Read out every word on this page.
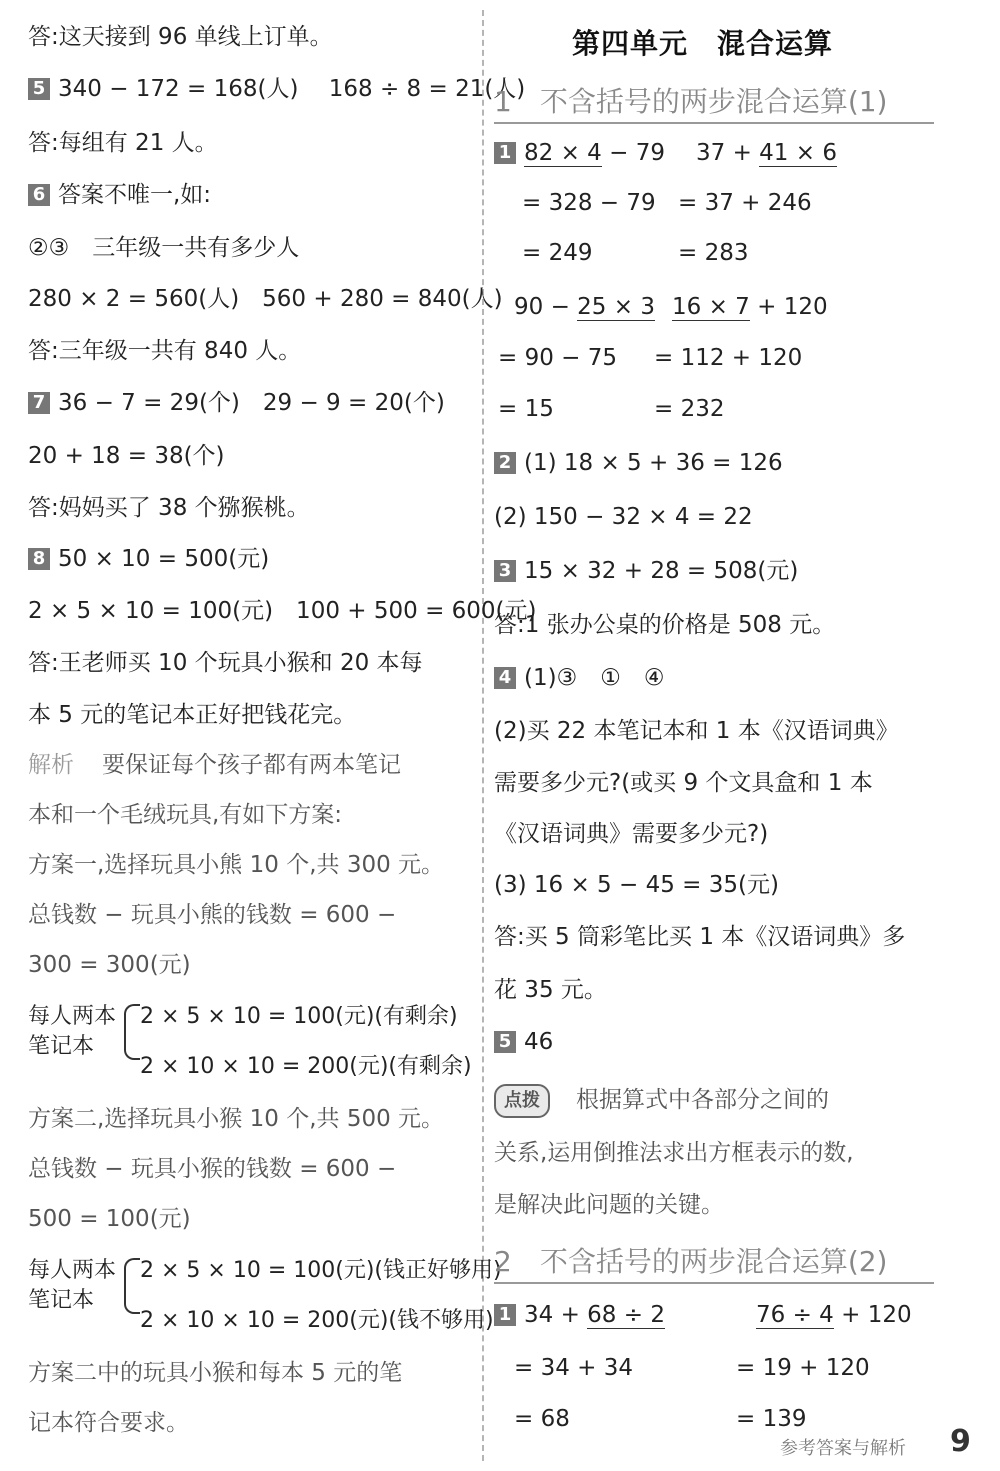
答:这天接到 96 单线上订单。
5 340 − 172 = 168(人)　 168 ÷ 8 = 21(人)
答:每组有 21 人。
6 答案不唯一,如:
②③　三年级一共有多少人
280 × 2 = 560(人)　560 + 280 = 840(人)
答:三年级一共有 840 人。
7 36 − 7 = 29(个)　29 − 9 = 20(个)
20 + 18 = 38(个)
答:妈妈买了 38 个猕猴桃。
8 50 × 10 = 500(元)
2 × 5 × 10 = 100(元)　100 + 500 = 600(元)
答:王老师买 10 个玩具小猴和 20 本每
本 5 元的笔记本正好把钱花完。
解析 要保证每个孩子都有两本笔记
本和一个毛绒玩具,有如下方案:
方案一,选择玩具小熊 10 个,共 300 元。
总钱数 − 玩具小熊的钱数 = 600 −
300 = 300(元)
每人两本笔记本
2 × 5 × 10 = 100(元)(有剩余)
2 × 10 × 10 = 200(元)(有剩余)
方案二,选择玩具小猴 10 个,共 500 元。
总钱数 − 玩具小猴的钱数 = 600 −
500 = 100(元)
每人两本笔记本
2 × 5 × 10 = 100(元)(钱正好够用)
2 × 10 × 10 = 200(元)(钱不够用)
方案二中的玩具小猴和每本 5 元的笔
记本符合要求。
第四单元　混合运算
1　不含括号的两步混合运算(1)
1 82 × 4 − 79 37 + 41 × 6
= 328 − 79 = 37 + 246
= 249	= 283
90 − 25 × 3 16 × 7 + 120
= 90 − 75 = 112 + 120
= 15	= 232
2 (1) 18 × 5 + 36 = 126
(2) 150 − 32 × 4 = 22
3 15 × 32 + 28 = 508(元)
答:1 张办公桌的价格是 508 元。
4 (1)③　①　④
(2)买 22 本笔记本和 1 本《汉语词典》
需要多少元?(或买 9 个文具盒和 1 本
《汉语词典》需要多少元?)
(3) 16 × 5 − 45 = 35(元)
答:买 5 筒彩笔比买 1 本《汉语词典》多
花 35 元。
5 46
点拨 根据算式中各部分之间的
关系,运用倒推法求出方框表示的数,
是解决此问题的关键。
2　不含括号的两步混合运算(2)
1 34 + 68 ÷ 2	76 ÷ 4 + 120
= 34 + 34	= 19 + 120
= 68	= 139
参考答案与解析 9
